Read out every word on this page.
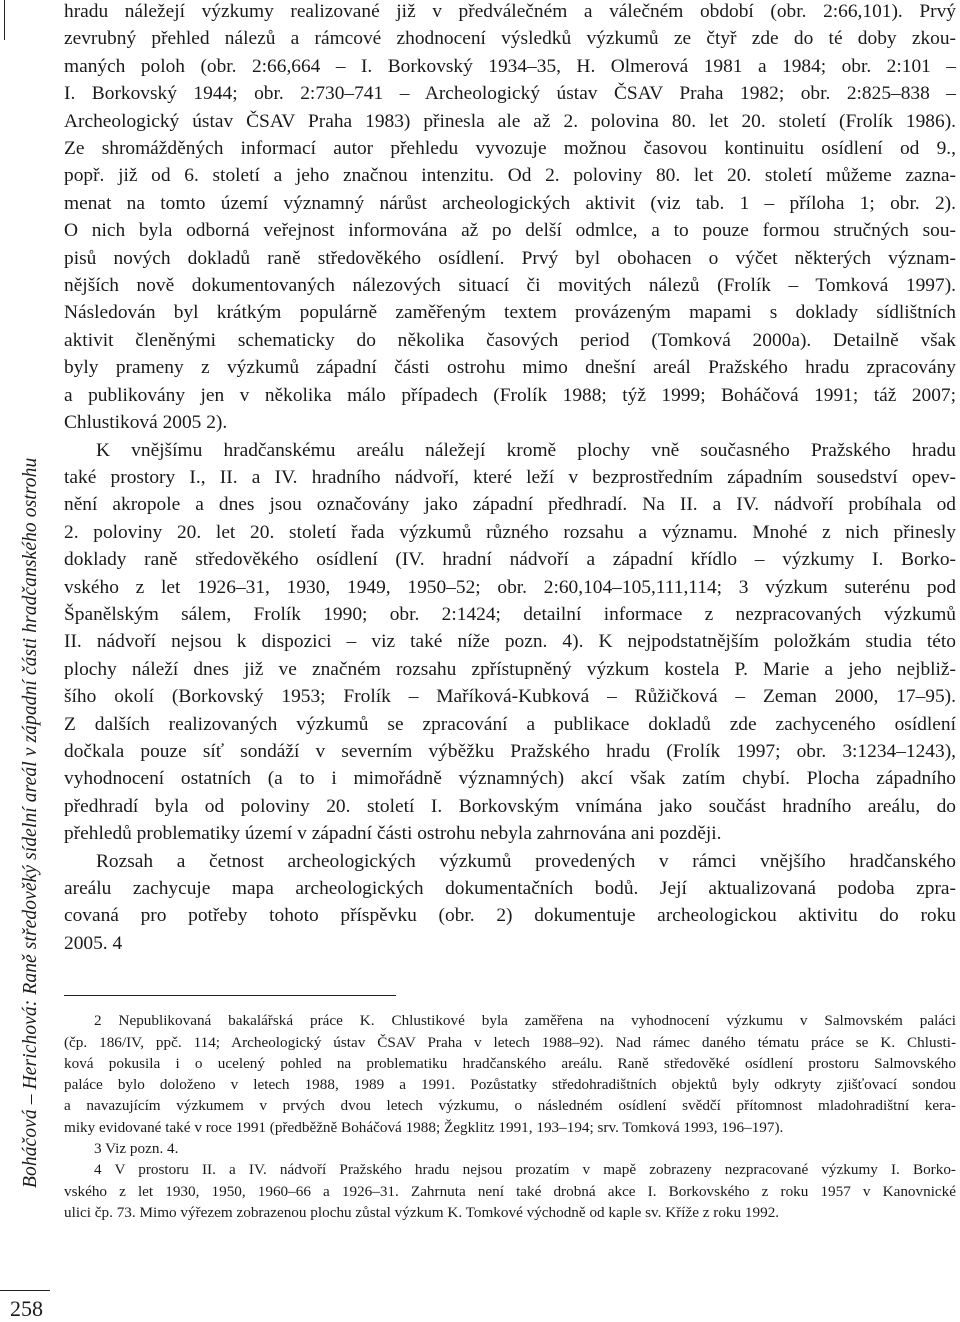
Boháčová – Herichová: Raně středověký sídelní areál v západní části hradčanského ostrohu
258
hradu náležejí výzkumy realizované již v předválečném a válečném období (obr. 2:66,101). Prvý
zevrubný přehled nálezů a rámcové zhodnocení výsledků výzkumů ze čtyř zde do té doby zkou-
maných poloh (obr. 2:66,664 – I. Borkovský 1934–35, H. Olmerová 1981 a 1984; obr. 2:101 –
I. Borkovský 1944; obr. 2:730–741 – Archeologický ústav ČSAV Praha 1982; obr. 2:825–838 –
Archeologický ústav ČSAV Praha 1983) přinesla ale až 2. polovina 80. let 20. století (Frolík 1986).
Ze shromážděných informací autor přehledu vyvozuje možnou časovou kontinuitu osídlení od 9.,
popř. již od 6. století a jeho značnou intenzitu. Od 2. poloviny 80. let 20. století můžeme zazna-
menat na tomto území významný nárůst archeologických aktivit (viz tab. 1 – příloha 1; obr. 2).
O nich byla odborná veřejnost informována až po delší odmlce, a to pouze formou stručných sou-
pisů nových dokladů raně středověkého osídlení. Prvý byl obohacen o výčet některých význam-
nějších nově dokumentovaných nálezových situací či movitých nálezů (Frolík – Tomková 1997).
Následován byl krátkým populárně zaměřeným textem provázeným mapami s doklady sídlištních
aktivit členěnými schematicky do několika časových period (Tomková 2000a). Detailně však
byly prameny z výzkumů západní části ostrohu mimo dnešní areál Pražského hradu zpracovány
a publikovány jen v několika málo případech (Frolík 1988; týž 1999; Boháčová 1991; táž 2007;
Chlustiková 2005 2).
K vnějšímu hradčanskému areálu náležejí kromě plochy vně současného Pražského hradu
také prostory I., II. a IV. hradního nádvoří, které leží v bezprostředním západním sousedství opev-
nění akropole a dnes jsou označovány jako západní předhradí. Na II. a IV. nádvoří probíhala od
2. poloviny 20. let 20. století řada výzkumů různého rozsahu a významu. Mnohé z nich přinesly
doklady raně středověkého osídlení (IV. hradní nádvoří a západní křídlo – výzkumy I. Borko-
vského z let 1926–31, 1930, 1949, 1950–52; obr. 2:60,104–105,111,114; 3 výzkum suterénu pod
Španělským sálem, Frolík 1990; obr. 2:1424; detailní informace z nezpracovaných výzkumů
II. nádvoří nejsou k dispozici – viz také níže pozn. 4). K nejpodstatnějším položkám studia této
plochy náleží dnes již ve značném rozsahu zpřístupněný výzkum kostela P. Marie a jeho nejbliž-
šího okolí (Borkovský 1953; Frolík – Maříková-Kubková – Růžičková – Zeman 2000, 17–95).
Z dalších realizovaných výzkumů se zpracování a publikace dokladů zde zachyceného osídlení
dočkala pouze síť sondáží v severním výběžku Pražského hradu (Frolík 1997; obr. 3:1234–1243),
vyhodnocení ostatních (a to i mimořádně významných) akcí však zatím chybí. Plocha západního
předhradí byla od poloviny 20. století I. Borkovským vnímána jako součást hradního areálu, do
přehledů problematiky území v západní části ostrohu nebyla zahrnována ani později.
Rozsah a četnost archeologických výzkumů provedených v rámci vnějšího hradčanského
areálu zachycuje mapa archeologických dokumentačních bodů. Její aktualizovaná podoba zpra-
covaná pro potřeby tohoto příspěvku (obr. 2) dokumentuje archeologickou aktivitu do roku
2005. 4
2 Nepublikovaná bakalářská práce K. Chlustikové byla zaměřena na vyhodnocení výzkumu v Salmovském paláci
(čp. 186/IV, ppč. 114; Archeologický ústav ČSAV Praha v letech 1988–92). Nad rámec daného tématu práce se K. Chlusti-
ková pokusila i o ucelený pohled na problematiku hradčanského areálu. Raně středověké osídlení prostoru Salmovského
paláce bylo doloženo v letech 1988, 1989 a 1991. Pozůstatky středohradištních objektů byly odkryty zjišťovací sondou
a navazujícím výzkumem v prvých dvou letech výzkumu, o následném osídlení svědčí přítomnost mladohradištní kera-
miky evidované také v roce 1991 (předběžně Boháčová 1988; Žegklitz 1991, 193–194; srv. Tomková 1993, 196–197).
3 Viz pozn. 4.
4 V prostoru II. a IV. nádvoří Pražského hradu nejsou prozatím v mapě zobrazeny nezpracované výzkumy I. Borko-
vského z let 1930, 1950, 1960–66 a 1926–31. Zahrnuta není také drobná akce I. Borkovského z roku 1957 v Kanovnické
ulici čp. 73. Mimo výřezem zobrazenou plochu zůstal výzkum K. Tomkové východně od kaple sv. Kříže z roku 1992.
